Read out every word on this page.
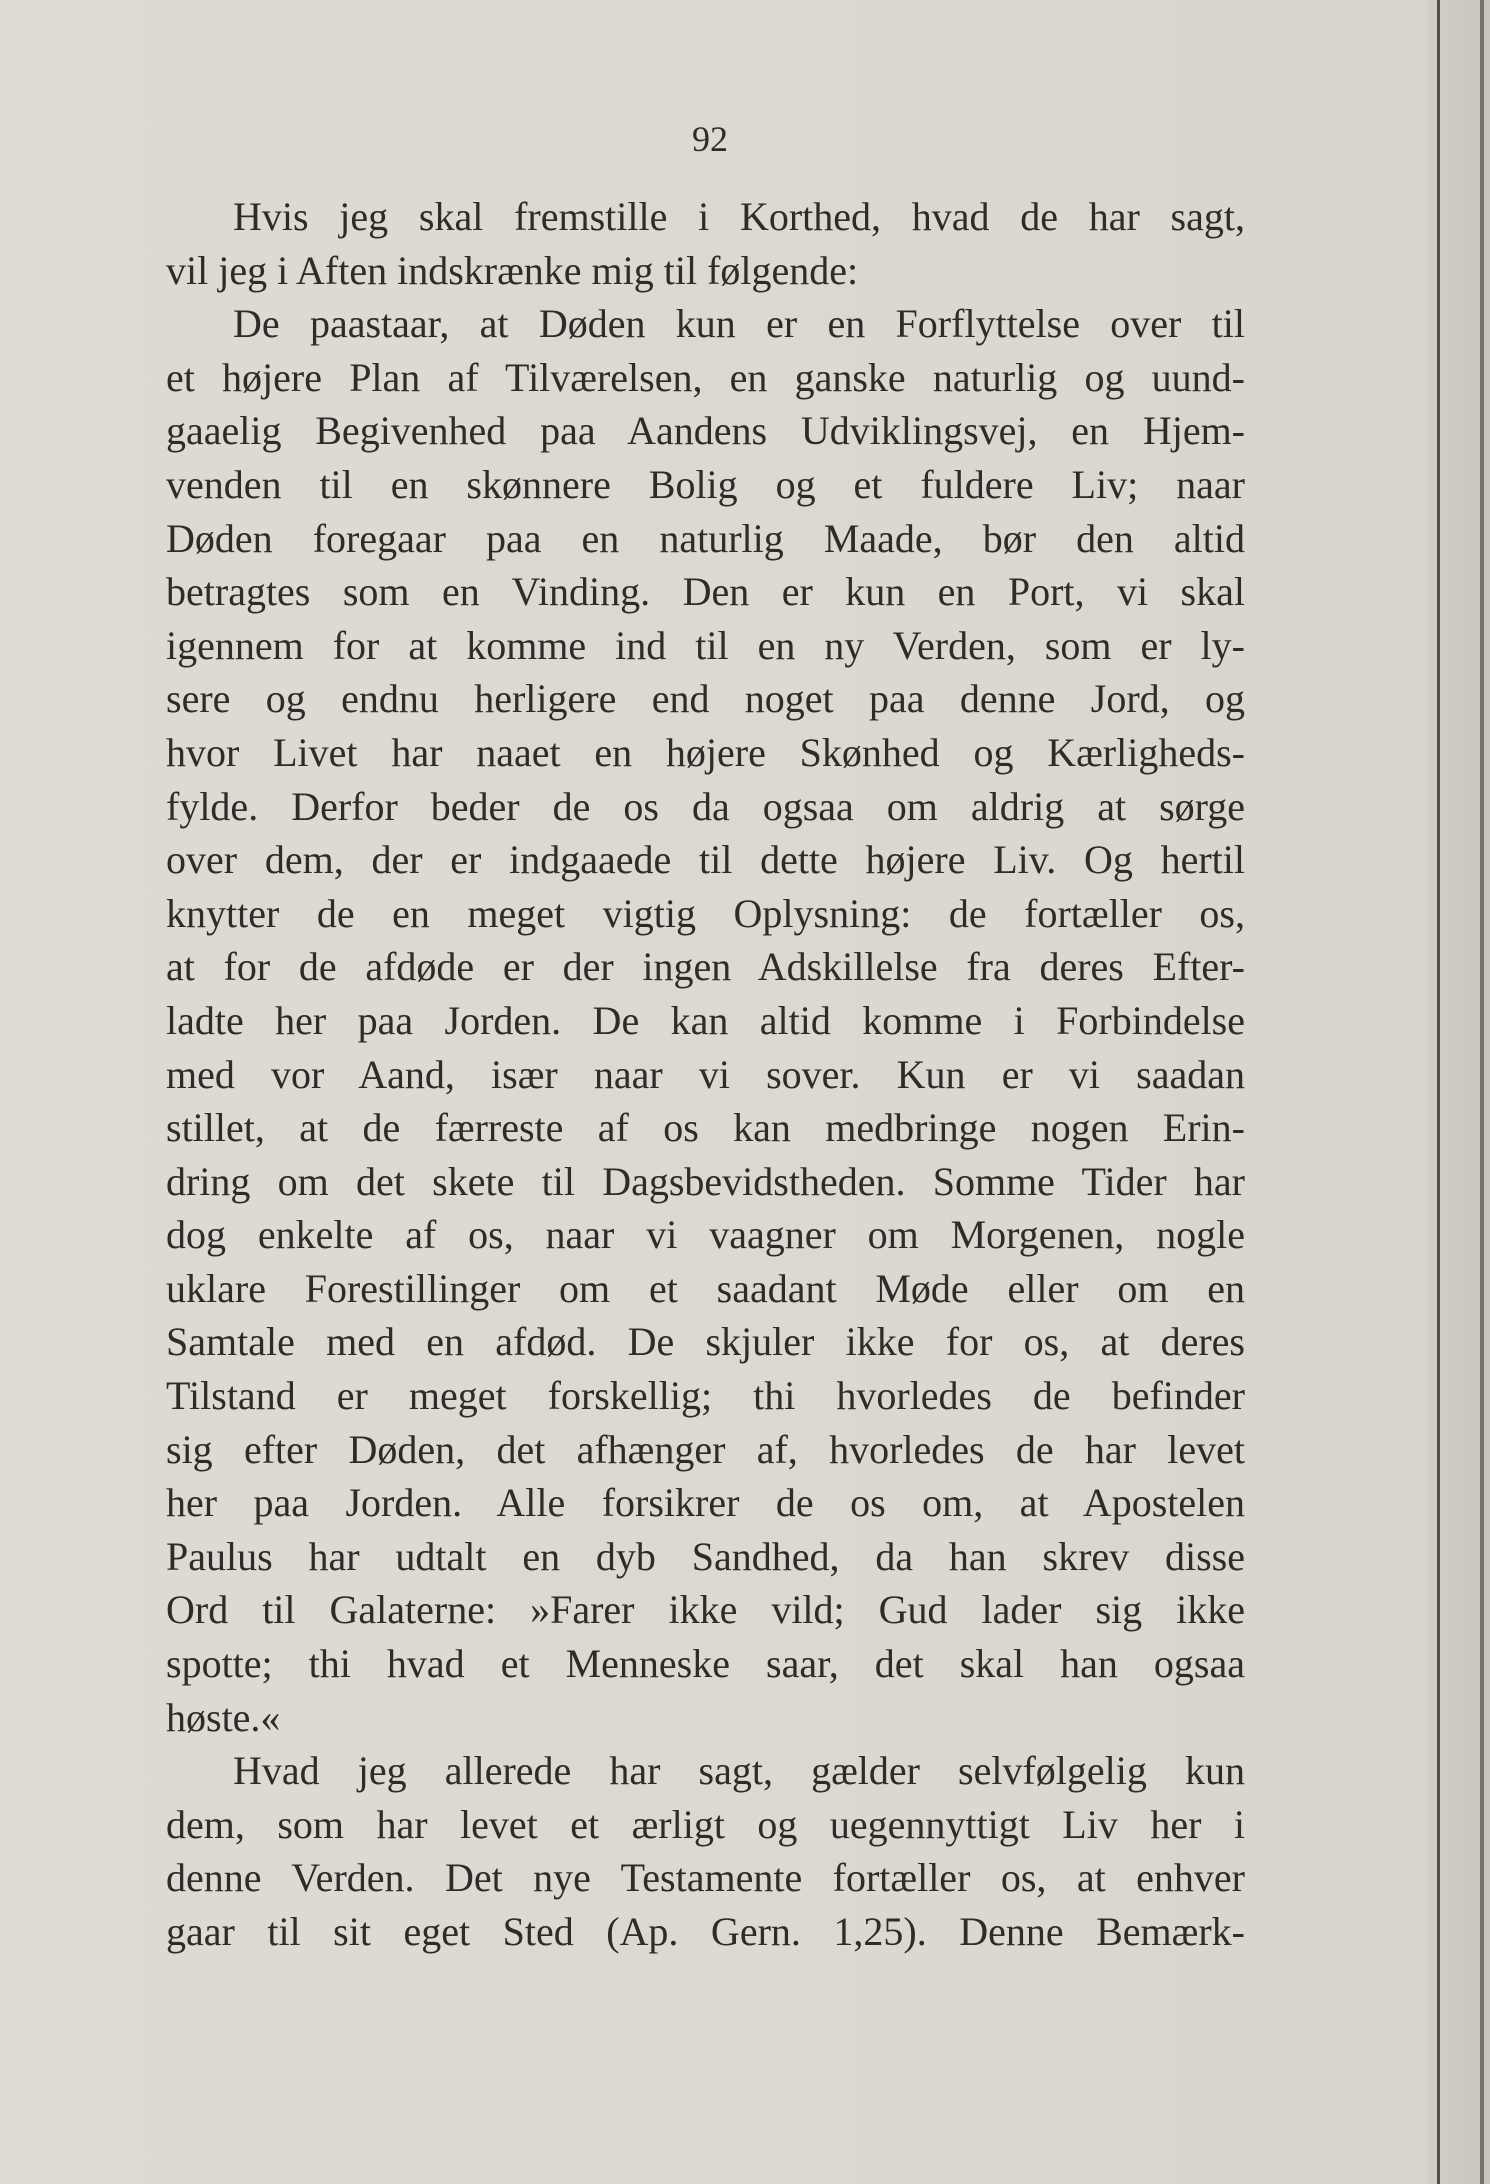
92
Hvis jeg skal fremstille i Korthed, hvad de har sagt,
vil jeg i Aften indskrænke mig til følgende:
De paastaar, at Døden kun er en Forflyttelse over til
et højere Plan af Tilværelsen, en ganske naturlig og uund-
gaaelig Begivenhed paa Aandens Udviklingsvej, en Hjem-
venden til en skønnere Bolig og et fuldere Liv; naar
Døden foregaar paa en naturlig Maade, bør den altid
betragtes som en Vinding. Den er kun en Port, vi skal
igennem for at komme ind til en ny Verden, som er ly-
sere og endnu herligere end noget paa denne Jord, og
hvor Livet har naaet en højere Skønhed og Kærligheds-
fylde. Derfor beder de os da ogsaa om aldrig at sørge
over dem, der er indgaaede til dette højere Liv. Og hertil
knytter de en meget vigtig Oplysning: de fortæller os,
at for de afdøde er der ingen Adskillelse fra deres Efter-
ladte her paa Jorden. De kan altid komme i Forbindelse
med vor Aand, især naar vi sover. Kun er vi saadan
stillet, at de færreste af os kan medbringe nogen Erin-
dring om det skete til Dagsbevidstheden. Somme Tider har
dog enkelte af os, naar vi vaagner om Morgenen, nogle
uklare Forestillinger om et saadant Møde eller om en
Samtale med en afdød. De skjuler ikke for os, at deres
Tilstand er meget forskellig; thi hvorledes de befinder
sig efter Døden, det afhænger af, hvorledes de har levet
her paa Jorden. Alle forsikrer de os om, at Apostelen
Paulus har udtalt en dyb Sandhed, da han skrev disse
Ord til Galaterne: »Farer ikke vild; Gud lader sig ikke
spotte; thi hvad et Menneske saar, det skal han ogsaa
høste.«
Hvad jeg allerede har sagt, gælder selvfølgelig kun
dem, som har levet et ærligt og uegennyttigt Liv her i
denne Verden. Det nye Testamente fortæller os, at enhver
gaar til sit eget Sted (Ap. Gern. 1,25). Denne Bemærk-
